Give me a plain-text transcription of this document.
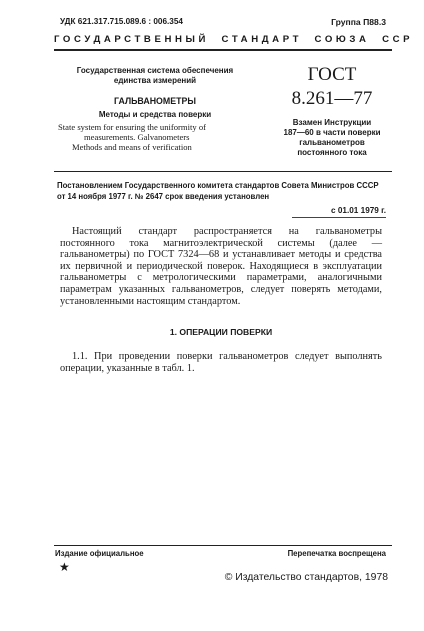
УДК 621.317.715.089.6 : 006.354	Группа П88.3
ГОСУДАРСТВЕННЫЙ  СТАНДАРТ  СОЮЗА  ССР
Государственная система обеспечения
единства измерений
ГАЛЬВАНОМЕТРЫ
Методы и средства поверки
State system for ensuring the uniformity of
measurements. Galvanometers
Methods and means of verification
ГОСТ
8.261—77
Взамен Инструкции
187—60 в части поверки
гальванометров
постоянного тока
Постановлением Государственного комитета стандартов Совета Министров СССР
от 14 ноября 1977 г. № 2647 срок введения установлен
с 01.01 1979 г.
Настоящий стандарт распространяется на гальванометры постоянного тока магнитоэлектрической системы (далее — гальванометры) по ГОСТ 7324—68 и устанавливает методы и средства их первичной и периодической поверок. Находящиеся в эксплуатации гальванометры с метрологическими параметрами, аналогичными параметрам указанных гальванометров, следует поверять методами, установленными настоящим стандартом.
1. ОПЕРАЦИИ ПОВЕРКИ
1.1. При проведении поверки гальванометров следует выполнять операции, указанные в табл. 1.
Издание официальное	Перепечатка воспрещена
★
© Издательство стандартов, 1978
